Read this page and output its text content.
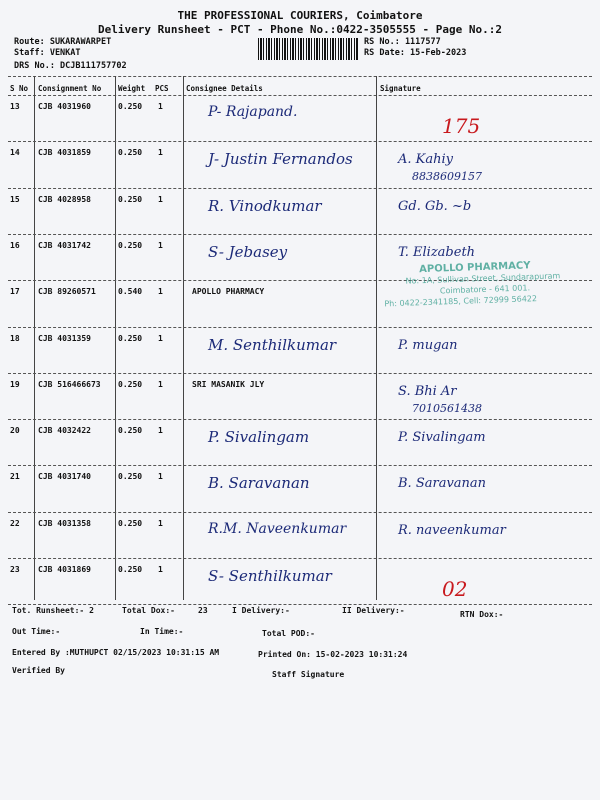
THE PROFESSIONAL COURIERS, Coimbatore
Delivery Runsheet - PCT - Phone No.:0422-3505555 - Page No.:2
Route: SUKARAWARPET
Staff: VENKAT
DRS No.: DCJB111757702
RS No.: 1117577
RS Date: 15-Feb-2023
S No Consignment No Weight PCS Consignee Details	Signature
13 CJB 4031960	0.250 1	P- Rajapand.
175
14 CJB 4031859	0.250 1	J- Justin Fernandos	A. Kahiy
8838609157
15 CJB 4028958	0.250 1	R. Vinodkumar	Gd. Gb. ~b
16 CJB 4031742	0.250 1	S- Jebasey	T. Elizabeth
17 CJB 89260571	0.540 1	APOLLO PHARMACY
18 CJB 4031359	0.250 1	M. Senthilkumar	P. mugan
19 CJB 516466673 0.250 1	SRI MASANIK JLY	S. Bhi Ar
7010561438
20 CJB 4032422	0.250 1	P. Sivalingam	P. Sivalingam
21 CJB 4031740	0.250 1	B. Saravanan	B. Saravanan
22 CJB 4031358	0.250 1	R.M. Naveenkumar	R. naveenkumar
23 CJB 4031869	0.250 1	S- Senthilkumar
02
APOLLO PHARMACY
No: 1A, Sullivan Street, Sundarapuram
Coimbatore - 641 001.
Ph: 0422-2341185, Cell: 72999 56422
Tot. Runsheet:- 2	Total Dox:-	23	I Delivery:-	II Delivery:-	RTN Dox:-
Out Time:-	In Time:-	Total POD:-
Entered By :MUTHUPCT 02/15/2023 10:31:15 AM	Printed On: 15-02-2023 10:31:24
Verified By	Staff Signature
